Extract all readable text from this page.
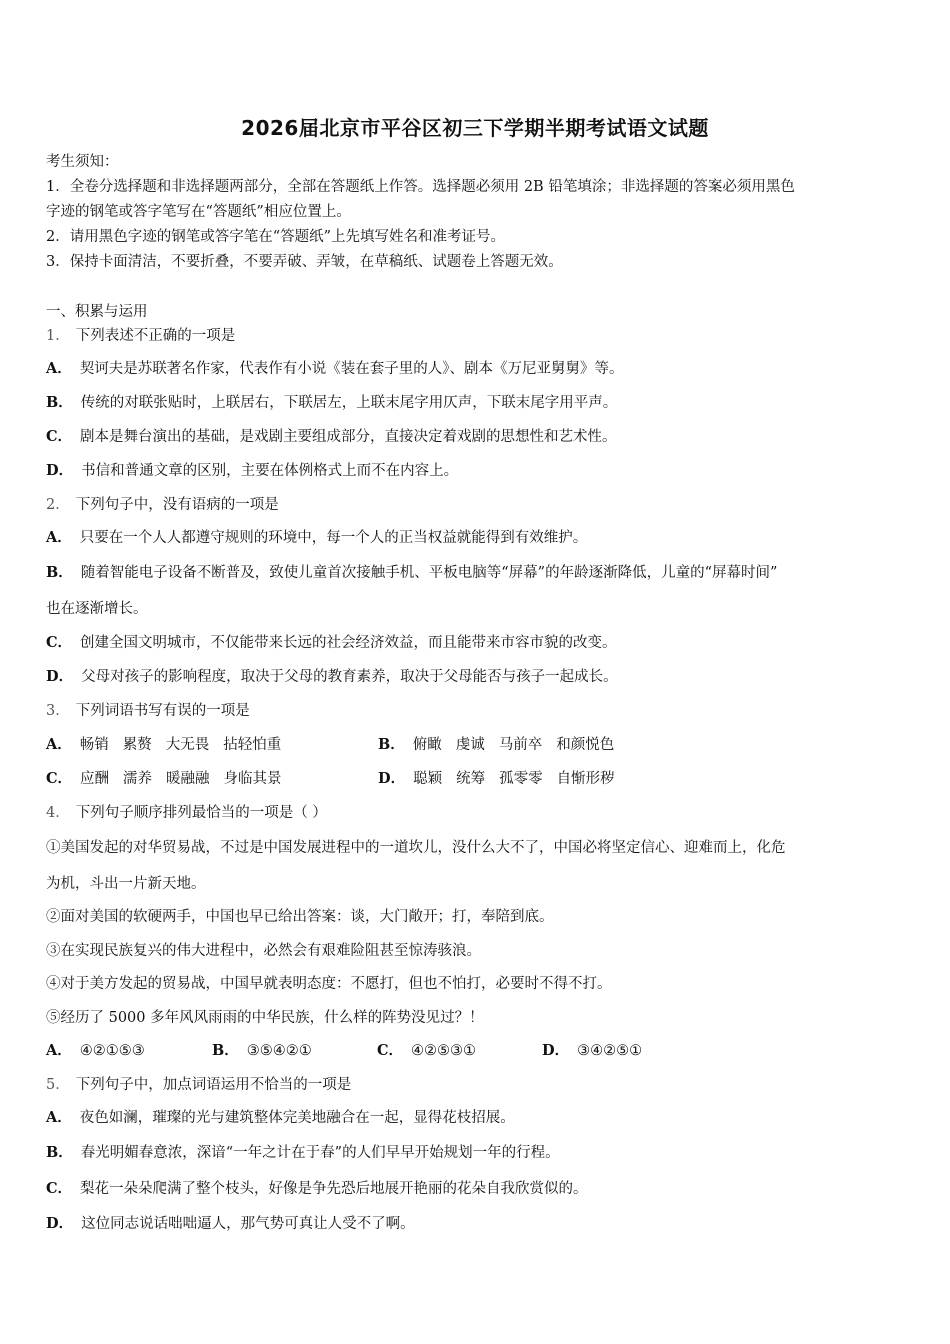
2026届北京市平谷区初三下学期半期考试语文试题
考生须知：
1．全卷分选择题和非选择题两部分，全部在答题纸上作答。选择题必须用 2B 铅笔填涂；非选择题的答案必须用黑色
字迹的钢笔或答字笔写在“答题纸”相应位置上。
2．请用黑色字迹的钢笔或答字笔在“答题纸”上先填写姓名和准考证号。
3．保持卡面清洁，不要折叠，不要弄破、弄皱，在草稿纸、试题卷上答题无效。
一、积累与运用
1． 下列表述不正确的一项是
A． 契诃夫是苏联著名作家，代表作有小说《装在套子里的人》、剧本《万尼亚舅舅》等。
B． 传统的对联张贴时，上联居右，下联居左，上联末尾字用仄声，下联末尾字用平声。
C． 剧本是舞台演出的基础，是戏剧主要组成部分，直接决定着戏剧的思想性和艺术性。
D． 书信和普通文章的区别，主要在体例格式上而不在内容上。
2． 下列句子中，没有语病的一项是
A． 只要在一个人人都遵守规则的环境中，每一个人的正当权益就能得到有效维护。
B． 随着智能电子设备不断普及，致使儿童首次接触手机、平板电脑等“屏幕”的年龄逐渐降低，儿童的“屏幕时间”
也在逐渐增长。
C． 创建全国文明城市，不仅能带来长远的社会经济效益，而且能带来市容市貌的改变。
D． 父母对孩子的影响程度，取决于父母的教育素养，取决于父母能否与孩子一起成长。
3． 下列词语书写有误的一项是
A． 畅销 累赘 大无畏 拈轻怕重	B． 俯瞰 虔诚 马前卒 和颜悦色
C． 应酬 濡养 暖融融 身临其景	D． 聪颖 统筹 孤零零 自惭形秽
4． 下列句子顺序排列最恰当的一项是（ ）
①美国发起的对华贸易战，不过是中国发展进程中的一道坎儿，没什么大不了，中国必将坚定信心、迎难而上，化危
为机，斗出一片新天地。
②面对美国的软硬两手，中国也早已给出答案：谈，大门敞开；打，奉陪到底。
③在实现民族复兴的伟大进程中，必然会有艰难险阻甚至惊涛骇浪。
④对于美方发起的贸易战，中国早就表明态度：不愿打，但也不怕打，必要时不得不打。
⑤经历了 5000 多年风风雨雨的中华民族，什么样的阵势没见过？！
A． ④②①⑤③	B． ③⑤④②①	C． ④②⑤③①	D． ③④②⑤①
5． 下列句子中，加点词语运用不恰当的一项是
A． 夜色如澜，璀璨的光与建筑整体完美地融合在一起，显得花枝招展。
B． 春光明媚春意浓，深谙“一年之计在于春”的人们早早开始规划一年的行程。
C． 梨花一朵朵爬满了整个枝头，好像是争先恐后地展开艳丽的花朵自我欣赏似的。
D． 这位同志说话咄咄逼人，那气势可真让人受不了啊。
